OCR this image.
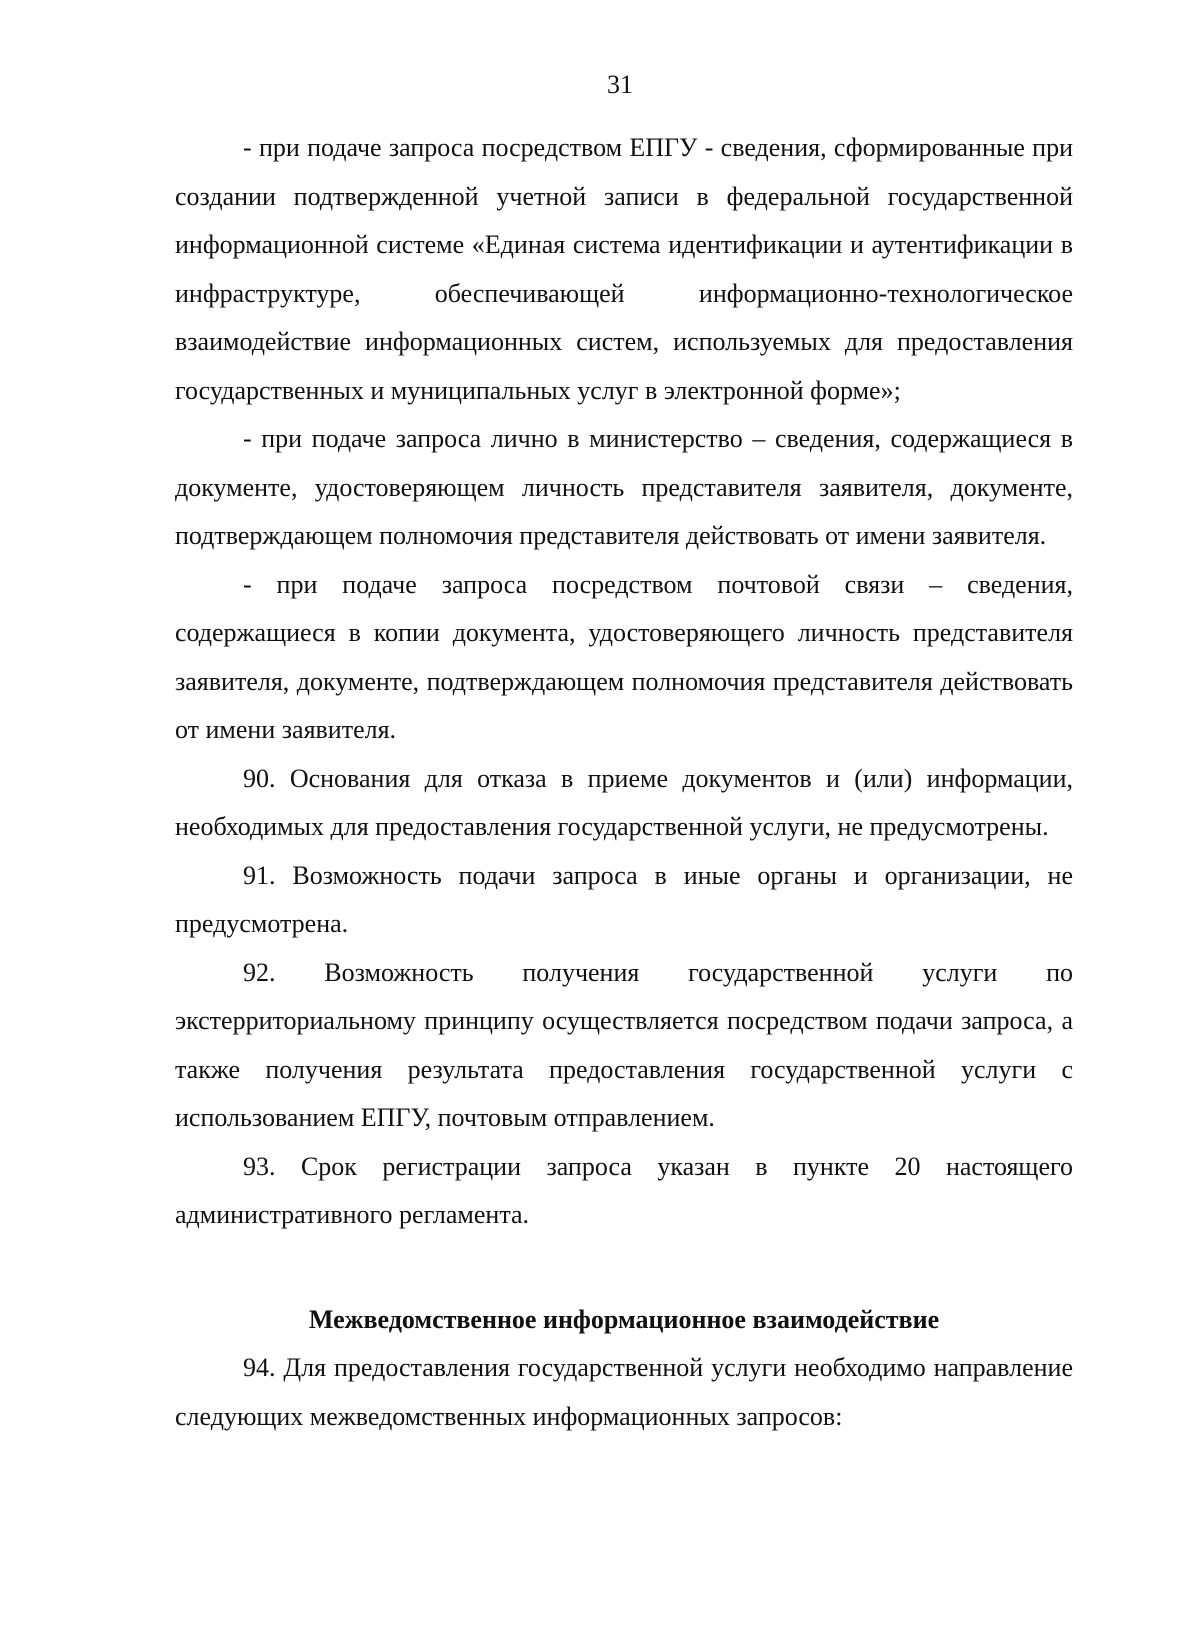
31

- при подаче запроса посредством ЕПГУ - сведения, сформированные при создании подтвержденной учетной записи в федеральной государственной информационной системе «Единая система идентификации и аутентификации в инфраструктуре, обеспечивающей информационно-технологическое взаимодействие информационных систем, используемых для предоставления государственных и муниципальных услуг в электронной форме»;

- при подаче запроса лично в министерство – сведения, содержащиеся в документе, удостоверяющем личность представителя заявителя, документе, подтверждающем полномочия представителя действовать от имени заявителя.

- при подаче запроса посредством почтовой связи – сведения, содержащиеся в копии документа, удостоверяющего личность представителя заявителя, документе, подтверждающем полномочия представителя действовать от имени заявителя.

90. Основания для отказа в приеме документов и (или) информации, необходимых для предоставления государственной услуги, не предусмотрены.

91. Возможность подачи запроса в иные органы и организации, не предусмотрена.

92. Возможность получения государственной услуги по экстерриториальному принципу осуществляется посредством подачи запроса, а также получения результата предоставления государственной услуги с использованием ЕПГУ, почтовым отправлением.

93. Срок регистрации запроса указан в пункте 20 настоящего административного регламента.

Межведомственное информационное взаимодействие

94. Для предоставления государственной услуги необходимо направление следующих межведомственных информационных запросов:
